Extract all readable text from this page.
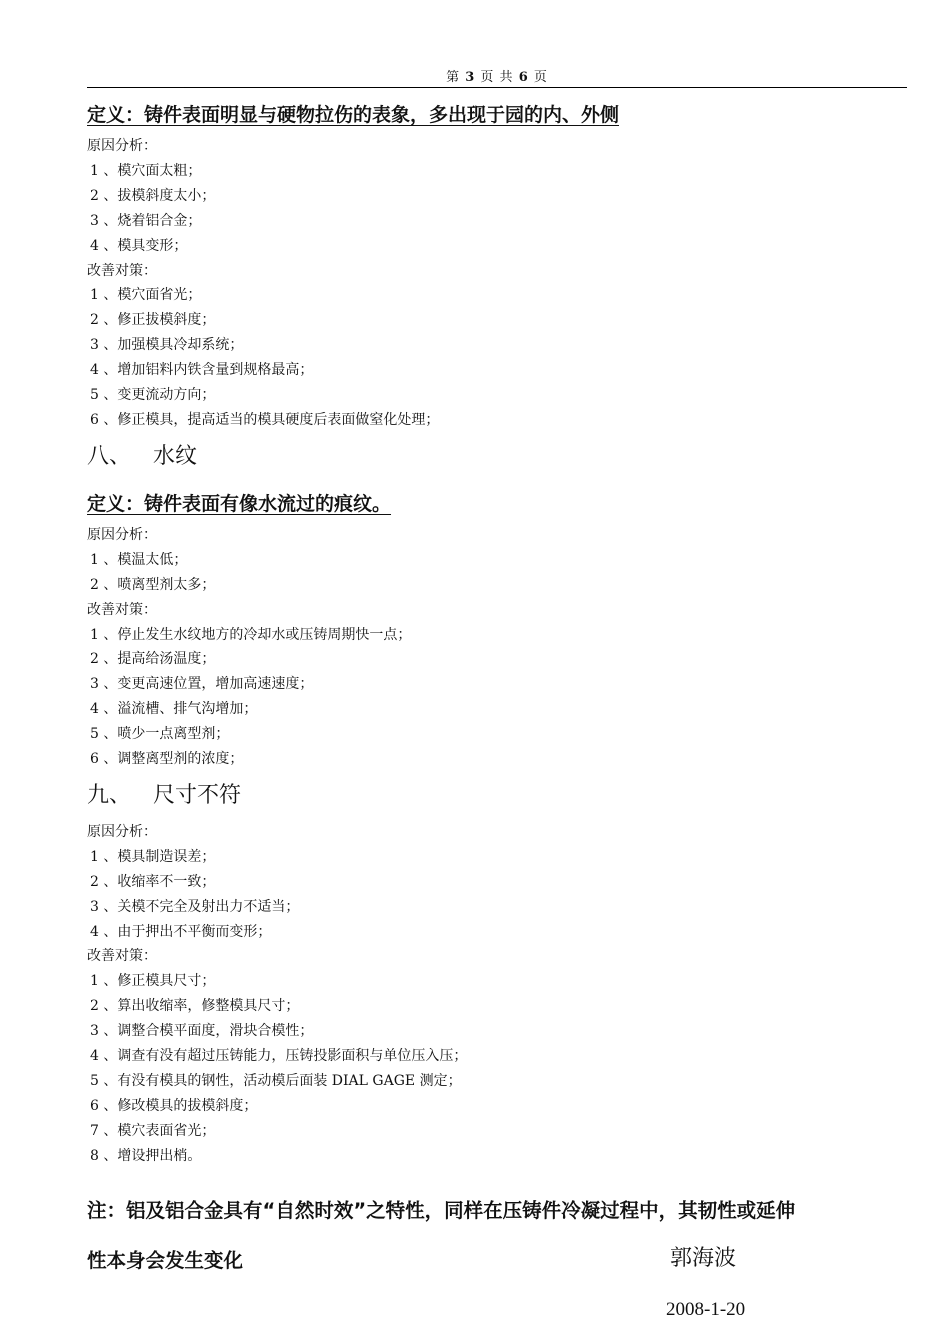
第 3 页 共 6 页
定义：铸件表面明显与硬物拉伤的表象，多出现于园的内、外侧
原因分析：
1 、模穴面太粗；
2 、拔模斜度太小；
3 、烧着铝合金；
4 、模具变形；
改善对策：
1 、模穴面省光；
2 、修正拔模斜度；
3 、加强模具冷却系统；
4 、增加铝料内铁含量到规格最高；
5 、变更流动方向；
6 、修正模具，提高适当的模具硬度后表面做窒化处理；
八、 水纹
定义：铸件表面有像水流过的痕纹。
原因分析：
1 、模温太低；
2 、喷离型剂太多；
改善对策：
1 、停止发生水纹地方的冷却水或压铸周期快一点；
2 、提高给汤温度；
3 、变更高速位置，增加高速速度；
4 、溢流槽、排气沟增加；
5 、喷少一点离型剂；
6 、调整离型剂的浓度；
九、 尺寸不符
原因分析：
1 、模具制造误差；
2 、收缩率不一致；
3 、关模不完全及射出力不适当；
4 、由于押出不平衡而变形；
改善对策：
1 、修正模具尺寸；
2 、算出收缩率，修整模具尺寸；
3 、调整合模平面度，滑块合模性；
4 、调查有没有超过压铸能力，压铸投影面积与单位压入压；
5 、有没有模具的钢性，活动模后面装 DIAL GAGE 测定；
6 、修改模具的拔模斜度；
7 、模穴表面省光；
8 、增设押出梢。
注：铝及铝合金具有“自然时效”之特性，同样在压铸件冷凝过程中，其韧性或延伸
性本身会发生变化	郭海波
2008-1-20
